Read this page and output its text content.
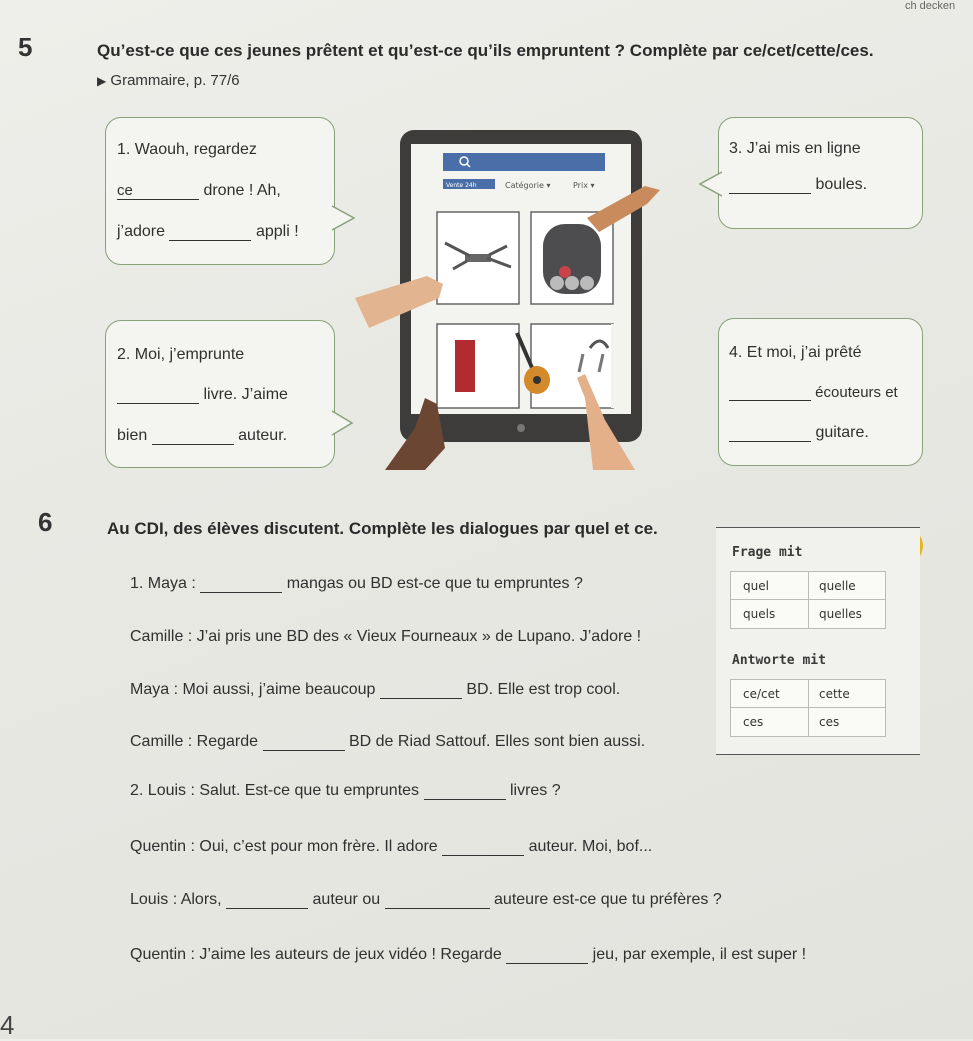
ch decken
5	Qu’est-ce que ces jeunes prêtent et qu’est-ce qu’ils empruntent ? Complète par ce/cet/cette/ces.
▶ Grammaire, p. 77/6
1. Waouh, regardez
ce	drone ! Ah,
j’adore	appli !
2. Moi, j’emprunte
livre. J’aime
bien	auteur.
3. J’ai mis en ligne
boules.
4. Et moi, j’ai prêté
écouteurs et
guitare.
Vente 24h	Catégorie ▾	Prix ▾
6	Au CDI, des élèves discutent. Complète les dialogues par quel et ce.
Frage mit
quel	quelle
quels	quelles
Antworte mit
ce/cet	cette
ces	ces
1. Maya :	mangas ou BD est-ce que tu empruntes ?
Camille : J’ai pris une BD des « Vieux Fourneaux » de Lupano. J’adore !
Maya : Moi aussi, j’aime beaucoup	BD. Elle est trop cool.
Camille : Regarde	BD de Riad Sattouf. Elles sont bien aussi.
2. Louis : Salut. Est-ce que tu empruntes	livres ?
Quentin : Oui, c’est pour mon frère. Il adore	auteur. Moi, bof...
Louis : Alors,	auteur ou	auteure est-ce que tu préfères ?
Quentin : J’aime les auteurs de jeux vidéo ! Regarde	jeu, par exemple, il est super !
4
